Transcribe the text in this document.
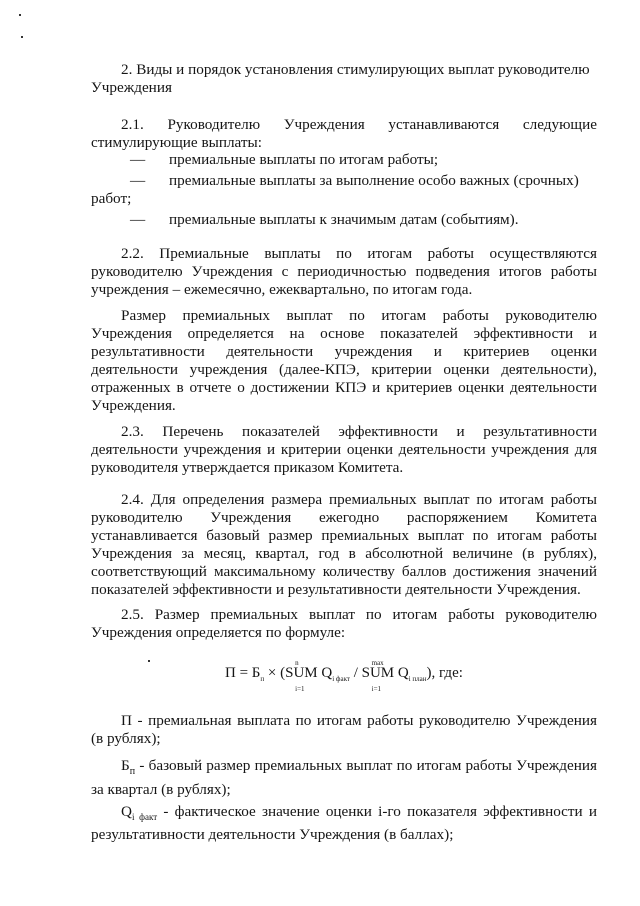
2. Виды и порядок установления стимулирующих выплат руководителю
Учреждения
2.1. Руководителю Учреждения устанавливаются следующие
стимулирующие выплаты:
— премиальные выплаты по итогам работы;
— премиальные выплаты за выполнение особо важных (срочных)
работ;
— премиальные выплаты к значимым датам (событиям).
2.2. Премиальные выплаты по итогам работы осуществляются
руководителю Учреждения с периодичностью подведения итогов работы
учреждения – ежемесячно, ежеквартально, по итогам года.
Размер премиальных выплат по итогам работы руководителю
Учреждения определяется на основе показателей эффективности и
результативности деятельности учреждения и критериев оценки
деятельности учреждения (далее-КПЭ, критерии оценки деятельности),
отраженных в отчете о достижении КПЭ и критериев оценки деятельности
Учреждения.
2.3. Перечень показателей эффективности и результативности
деятельности учреждения и критерии оценки деятельности учреждения для
руководителя утверждается приказом Комитета.
2.4. Для определения размера премиальных выплат по итогам работы
руководителю Учреждения ежегодно распоряжением Комитета
устанавливается базовый размер премиальных выплат по итогам работы
Учреждения за месяц, квартал, год в абсолютной величине (в рублях),
соответствующий максимальному количеству баллов достижения значений
показателей эффективности и результативности деятельности Учреждения.
2.5. Размер премиальных выплат по итогам работы руководителю
Учреждения определяется по формуле:
$П = Б_п$ × (
n
SUM
i=1
$Q_{i факт}$ /
max
SUM
i=1
$Q_{i план}$), где:
П - премиальная выплата по итогам работы руководителю Учреждения
(в рублях);
$Б_п$ - базовый размер премиальных выплат по итогам работы Учреждения
за квартал (в рублях);
$Q_{i факт}$ - фактическое значение оценки i-го показателя эффективности и
результативности деятельности Учреждения (в баллах);
